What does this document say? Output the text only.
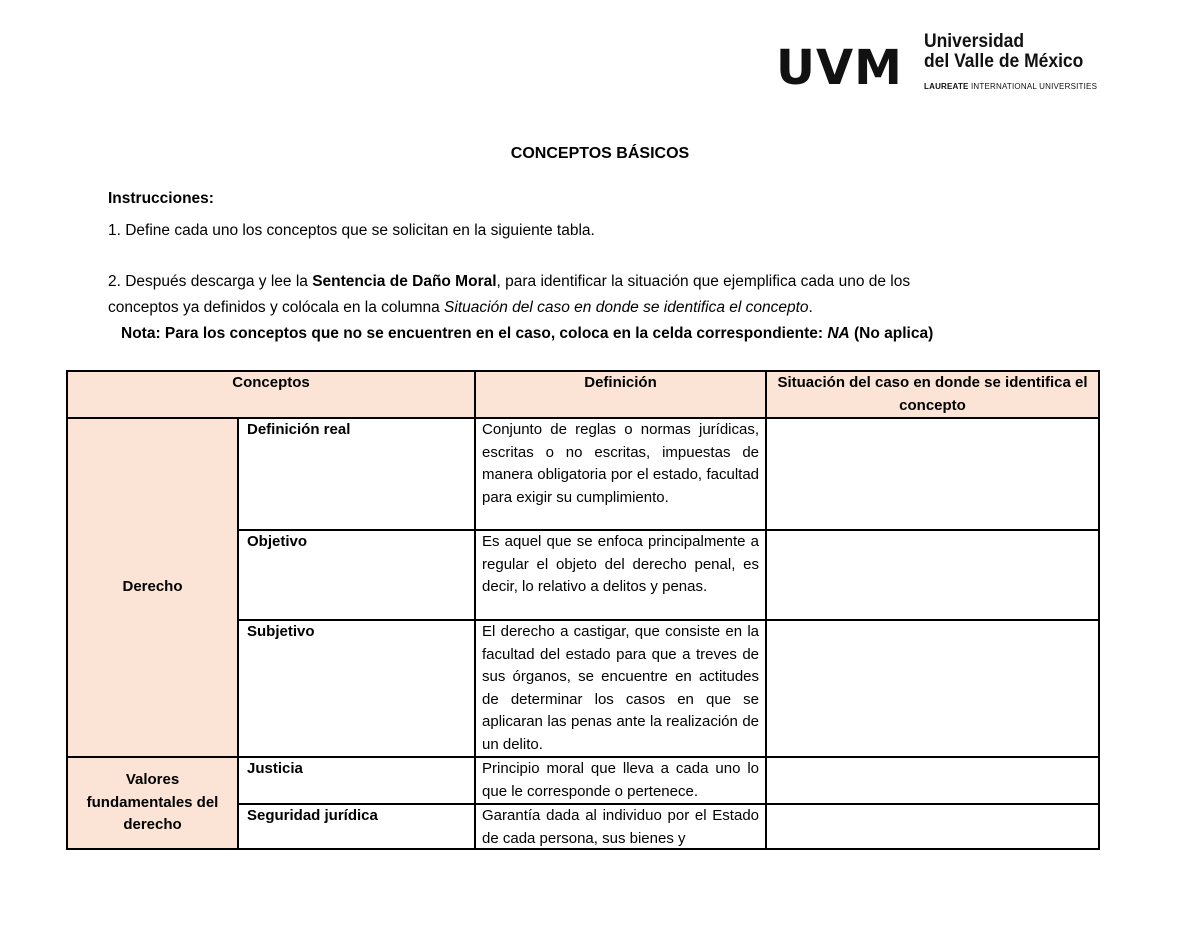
UVM Universidad
del Valle de México
LAUREATE INTERNATIONAL UNIVERSITIES
CONCEPTOS BÁSICOS
Instrucciones:
1. Define cada uno los conceptos que se solicitan en la siguiente tabla.
2. Después descarga y lee la Sentencia de Daño Moral, para identificar la situación que ejemplifica cada uno de los
conceptos ya definidos y colócala en la columna Situación del caso en donde se identifica el concepto.
Nota: Para los conceptos que no se encuentren en el caso, coloca en la celda correspondiente: NA (No aplica)
Conceptos		Definición	Situación del caso en donde se identifica el concepto
Derecho	Definición real	Conjunto de reglas o normas jurídicas, escritas o no escritas, impuestas de manera obligatoria por el estado, facultad para exigir su cumplimiento.	
	Objetivo	Es aquel que se enfoca principalmente a regular el objeto del derecho penal, es decir, lo relativo a delitos y penas.	
	Subjetivo	El derecho a castigar, que consiste en la facultad del estado para que a treves de sus órganos, se encuentre en actitudes de determinar los casos en que se aplicaran las penas ante la realización de un delito.	
Valores fundamentales del derecho	Justicia	Principio moral que lleva a cada uno lo que le corresponde o pertenece.	
	Seguridad jurídica	Garantía dada al individuo por el Estado de cada persona, sus bienes y	
